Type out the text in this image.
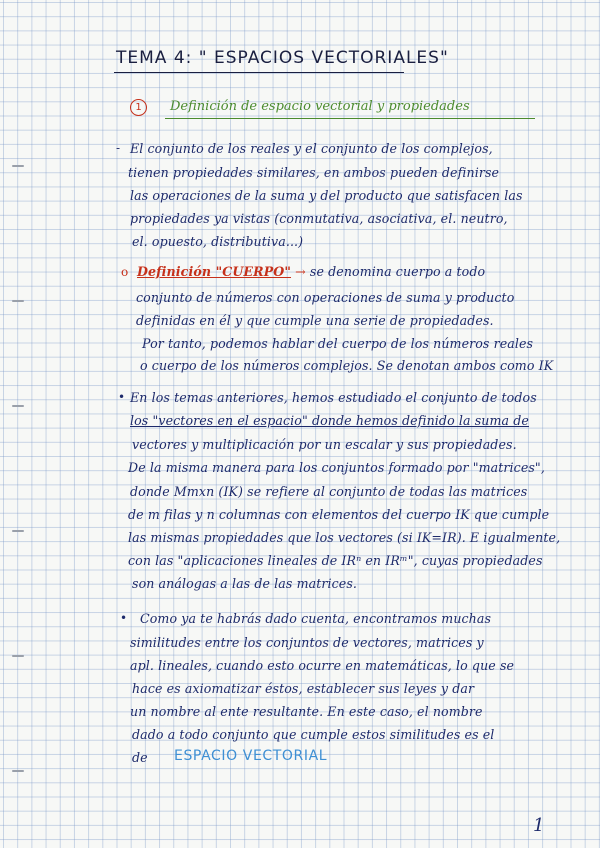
TEMA 4: " ESPACIOS VECTORIALES"
1	Definición de espacio vectorial y propiedades
- El conjunto de los reales y el conjunto de los complejos,
tienen propiedades similares, en ambos pueden definirse
las operaciones de la suma y del producto que satisfacen las
propiedades ya vistas (conmutativa, asociativa, el. neutro,
el. opuesto, distributiva...)
o Definición "CUERPO" → se denomina cuerpo a todo
conjunto de números con operaciones de suma y producto
definidas en él y que cumple una serie de propiedades.
Por tanto, podemos hablar del cuerpo de los números reales
o cuerpo de los números complejos. Se denotan ambos como IK
• En los temas anteriores, hemos estudiado el conjunto de todos
los "vectores en el espacio" donde hemos definido la suma de
vectores y multiplicación por un escalar y sus propiedades.
De la misma manera para los conjuntos formado por "matrices",
donde Mmxn (IK) se refiere al conjunto de todas las matrices
de m filas y n columnas con elementos del cuerpo IK que cumple
las mismas propiedades que los vectores (si IK=IR). E igualmente,
con las "aplicaciones lineales de IRⁿ en IRᵐ", cuyas propiedades
son análogas a las de las matrices.
• Como ya te habrás dado cuenta, encontramos muchas
similitudes entre los conjuntos de vectores, matrices y
apl. lineales, cuando esto ocurre en matemáticas, lo que se
hace es axiomatizar éstos, establecer sus leyes y dar
un nombre al ente resultante. En este caso, el nombre
dado a todo conjunto que cumple estos similitudes es el
de ESPACIO VECTORIAL
1
